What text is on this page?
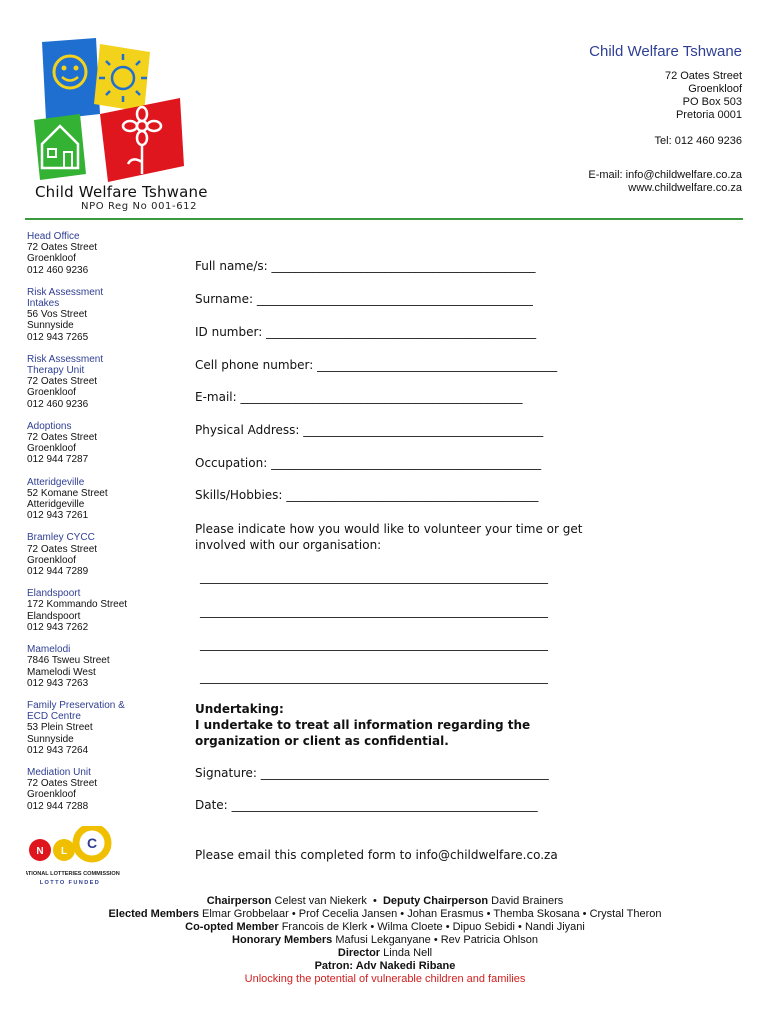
Child Welfare Tshwane
NPO Reg No 001-612
Child Welfare Tshwane
72 Oates Street
Groenkloof
PO Box 503
Pretoria 0001
Tel: 012 460 9236
E-mail: info@childwelfare.co.za
www.childwelfare.co.za
Head Office
72 Oates Street
Groenkloof
012 460 9236
Risk Assessment
Intakes
56 Vos Street
Sunnyside
012 943 7265
Risk Assessment
Therapy Unit
72 Oates Street
Groenkloof
012 460 9236
Adoptions
72 Oates Street
Groenkloof
012 944 7287
Atteridgeville
52 Komane Street
Atteridgeville
012 943 7261
Bramley CYCC
72 Oates Street
Groenkloof
012 944 7289
Elandspoort
172 Kommando Street
Elandspoort
012 943 7262
Mamelodi
7846 Tsweu Street
Mamelodi West
012 943 7263
Family Preservation &
ECD Centre
53 Plein Street
Sunnyside
012 943 7264
Mediation Unit
72 Oates Street
Groenkloof
012 944 7288
N L
C
NATIONAL LOTTERIES COMMISSION
LOTTO FUNDED
Full name/s: ____________________________________________
Surname: ______________________________________________
ID number: _____________________________________________
Cell phone number: ________________________________________
E-mail: _______________________________________________
Physical Address: ________________________________________
Occupation: _____________________________________________
Skills/Hobbies: __________________________________________
Please indicate how you would like to volunteer your time or get involved with our organisation:
__________________________________________________________
__________________________________________________________
__________________________________________________________
__________________________________________________________
Undertaking:
I undertake to treat all information regarding the organization or client as confidential.
Signature: ________________________________________________
Date: ___________________________________________________
Please email this completed form to info@childwelfare.co.za
Chairperson Celest van Niekerk  •  Deputy Chairperson David Brainers
Elected Members Elmar Grobbelaar • Prof Cecelia Jansen • Johan Erasmus • Themba Skosana • Crystal Theron
Co-opted Member Francois de Klerk • Wilma Cloete • Dipuo Sebidi • Nandi Jiyani
Honorary Members Mafusi Lekganyane • Rev Patricia Ohlson
Director Linda Nell
Patron: Adv Nakedi Ribane
Unlocking the potential of vulnerable children and families
